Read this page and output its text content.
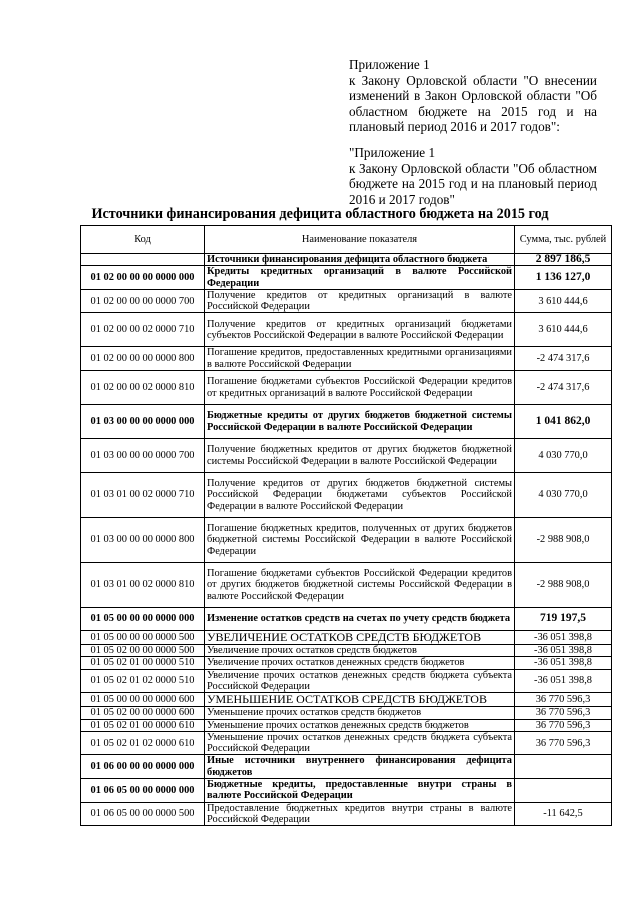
Приложение 1

к Закону Орловской области "О внесении изменений в Закон Орловской области "Об областном бюджете на 2015 год и на плановый период 2016 и 2017 годов":

"Приложение 1

к Закону Орловской области "Об областном бюджете на 2015 год и на плановый период 2016 и 2017 годов"

Источники финансирования дефицита областного бюджета на 2015 год
Код	Наименование показателя	Сумма, тыс. рублей
	Источники финансирования дефицита областного бюджета	2 897 186,5
01 02 00 00 00 0000 000	Кредиты кредитных организаций в валюте Российской Федерации	1 136 127,0
01 02 00 00 00 0000 700	Получение кредитов от кредитных организаций в валюте Российской Федерации	3 610 444,6
01 02 00 00 02 0000 710	Получение кредитов от кредитных организаций бюджетами субъектов Российской Федерации в валюте Российской Федерации	3 610 444,6
01 02 00 00 00 0000 800	Погашение кредитов, предоставленных кредитными организациями в валюте Российской Федерации	-2 474 317,6
01 02 00 00 02 0000 810	Погашение бюджетами субъектов Российской Федерации кредитов от кредитных организаций в валюте Российской Федерации	-2 474 317,6
01 03 00 00 00 0000 000	Бюджетные кредиты от других бюджетов бюджетной системы Российской Федерации в валюте Российской Федерации	1 041 862,0
01 03 00 00 00 0000 700	Получение бюджетных кредитов от других бюджетов бюджетной системы Российской Федерации в валюте Российской Федерации	4 030 770,0
01 03 01 00 02 0000 710	Получение кредитов от других бюджетов бюджетной системы Российской Федерации бюджетами субъектов Российской Федерации в валюте Российской Федерации	4 030 770,0
01 03 00 00 00 0000 800	Погашение бюджетных кредитов, полученных от других бюджетов бюджетной системы Российской Федерации в валюте Российской Федерации	-2 988 908,0
01 03 01 00 02 0000 810	Погашение бюджетами субъектов Российской Федерации кредитов от других бюджетов бюджетной системы Российской Федерации в валюте Российской Федерации	-2 988 908,0
01 05 00 00 00 0000 000	Изменение остатков средств на счетах по учету средств бюджета	719 197,5
01 05 00 00 00 0000 500	УВЕЛИЧЕНИЕ ОСТАТКОВ СРЕДСТВ БЮДЖЕТОВ	-36 051 398,8
01 05 02 00 00 0000 500	Увеличение прочих остатков средств бюджетов	-36 051 398,8
01 05 02 01 00 0000 510	Увеличение прочих остатков денежных средств бюджетов	-36 051 398,8
01 05 02 01 02 0000 510	Увеличение прочих остатков денежных средств бюджета субъекта Российской Федерации	-36 051 398,8
01 05 00 00 00 0000 600	УМЕНЬШЕНИЕ ОСТАТКОВ СРЕДСТВ БЮДЖЕТОВ	36 770 596,3
01 05 02 00 00 0000 600	Уменьшение прочих остатков средств бюджетов	36 770 596,3
01 05 02 01 00 0000 610	Уменьшение прочих остатков денежных средств бюджетов	36 770 596,3
01 05 02 01 02 0000 610	Уменьшение прочих остатков денежных средств бюджета субъекта Российской Федерации	36 770 596,3
01 06 00 00 00 0000 000	Иные источники внутреннего финансирования дефицита бюджетов	
01 06 05 00 00 0000 000	Бюджетные кредиты, предоставленные внутри страны в валюте Российской Федерации	
01 06 05 00 00 0000 500	Предоставление бюджетных кредитов внутри страны в валюте Российской Федерации	-11 642,5
